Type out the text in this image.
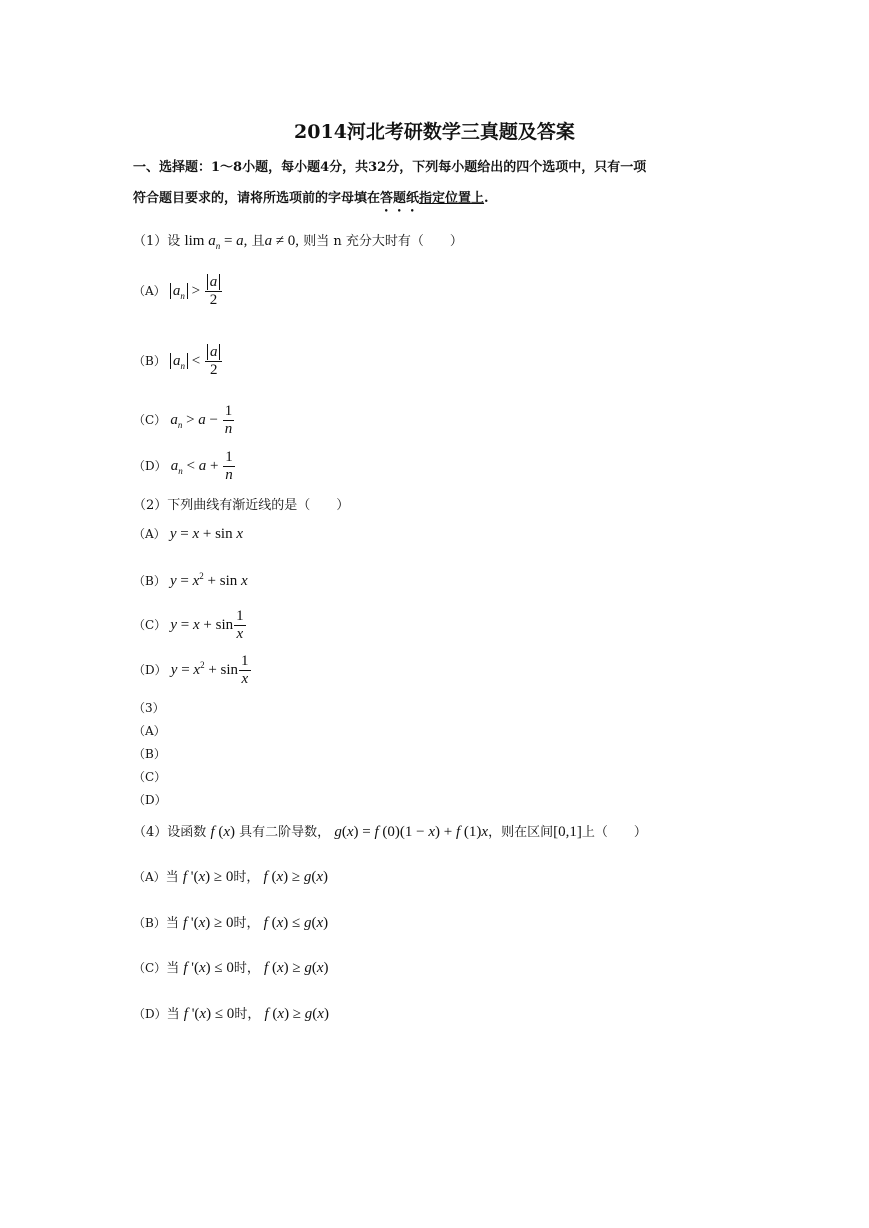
2014河北考研数学三真题及答案
一、选择题：1～8小题，每小题4分，共32分，下列每小题给出的四个选项中，只有一项
符合题目要求的，请将所选项前的字母填在答题纸指定位置上.
（1）设 $\lim a_n = a$, 且a ≠ 0, 则当 n 充分大时有（　　）
（A） $a_n > \frac{a}{2}$
（B） $a_n < \frac{a}{2}$
（C） $a_n > a - \frac{1}{n}$
（D） $a_n < a + \frac{1}{n}$
（2）下列曲线有渐近线的是（　　）
（A） y = x + sin x
（B） $y = x^2 + \sin x$
（C） $y = x + \sin \frac{1}{x}$
（D） $y = x^2 + \sin \frac{1}{x}$
（3）
（A）
（B）
（C）
（D）
（4）设函数 f (x) 具有二阶导数， g(x) = f (0)(1 − x) + f (1)x，则在区间[0,1]上（　　）
（A）当 f '(x) ≥ 0时， f (x) ≥ g(x)
（B）当 f '(x) ≥ 0时， f (x) ≤ g(x)
（C）当 f '(x) ≤ 0时， f (x) ≥ g(x)
（D）当 f '(x) ≤ 0时， f (x) ≥ g(x)
